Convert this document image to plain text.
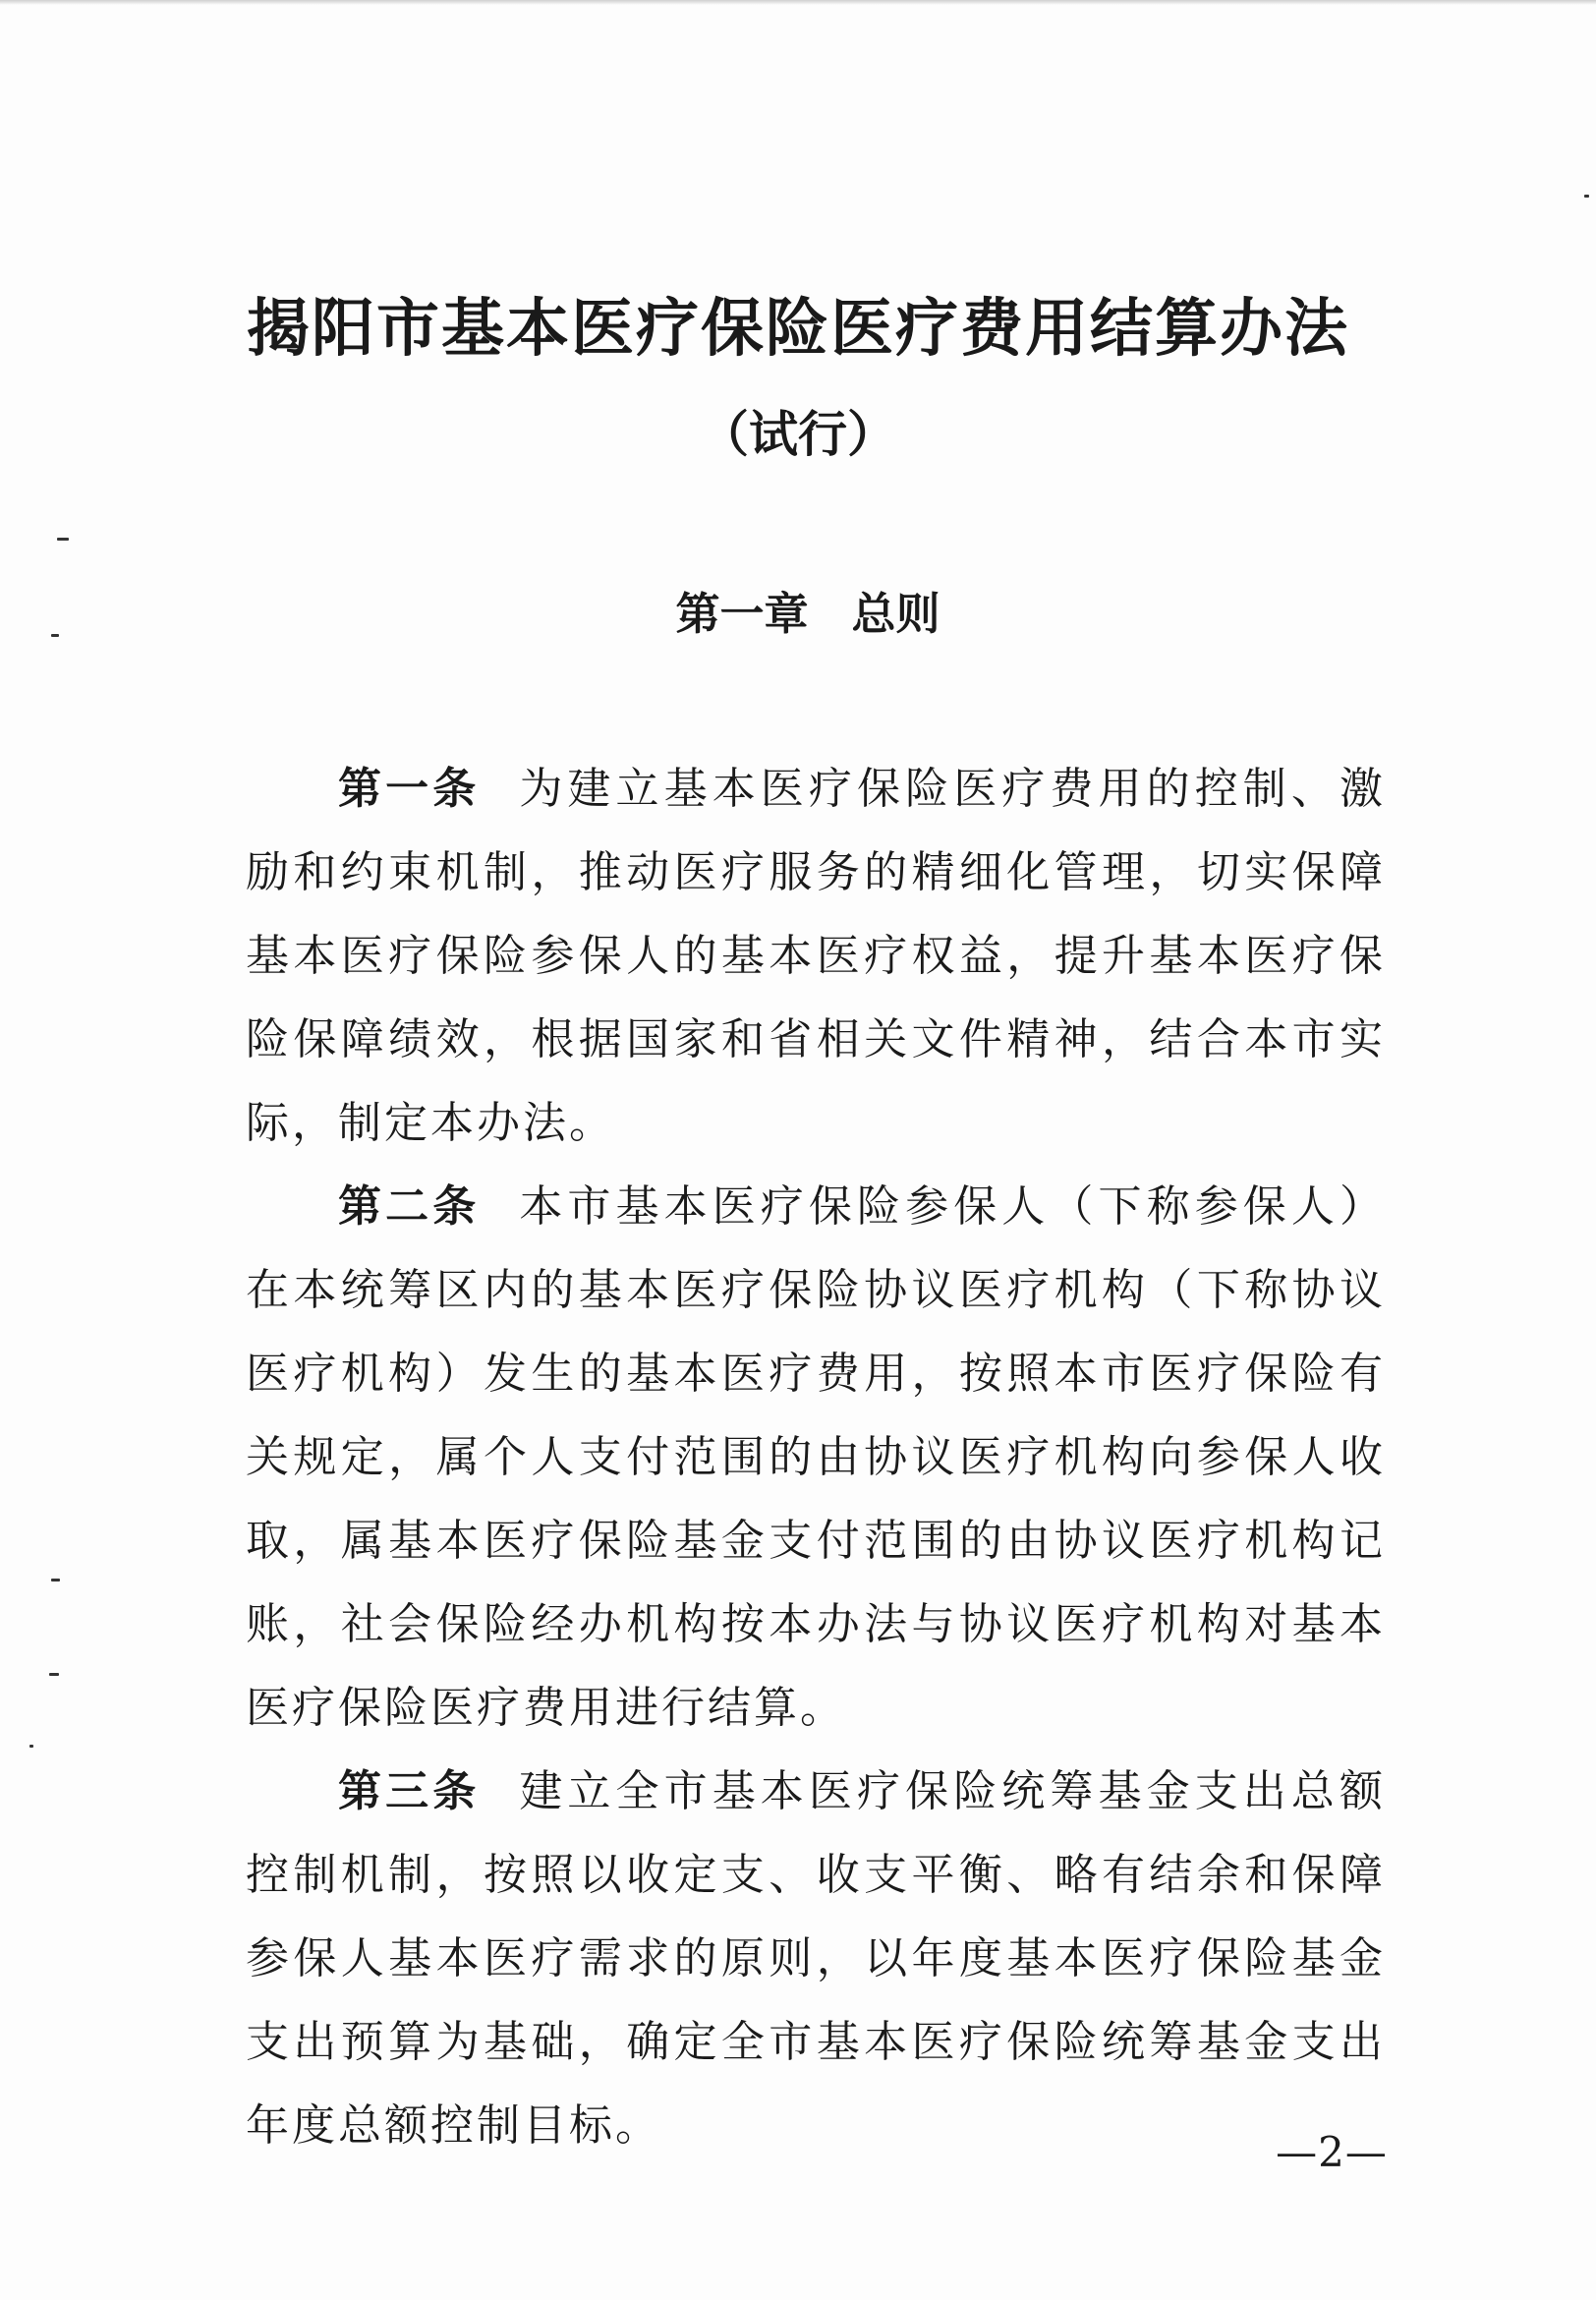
揭阳市基本医疗保险医疗费用结算办法
（试行）
第一章 总则

第一条 为建立基本医疗保险医疗费用的控制、激励和约束机制，推动医疗服务的精细化管理，切实保障基本医疗保险参保人的基本医疗权益，提升基本医疗保险保障绩效，根据国家和省相关文件精神，结合本市实际，制定本办法。

第二条 本市基本医疗保险参保人（下称参保人）在本统筹区内的基本医疗保险协议医疗机构（下称协议医疗机构）发生的基本医疗费用，按照本市医疗保险有关规定，属个人支付范围的由协议医疗机构向参保人收取，属基本医疗保险基金支付范围的由协议医疗机构记账，社会保险经办机构按本办法与协议医疗机构对基本医疗保险医疗费用进行结算。

第三条 建立全市基本医疗保险统筹基金支出总额控制机制，按照以收定支、收支平衡、略有结余和保障参保人基本医疗需求的原则，以年度基本医疗保险基金支出预算为基础，确定全市基本医疗保险统筹基金支出年度总额控制目标。

—2—
